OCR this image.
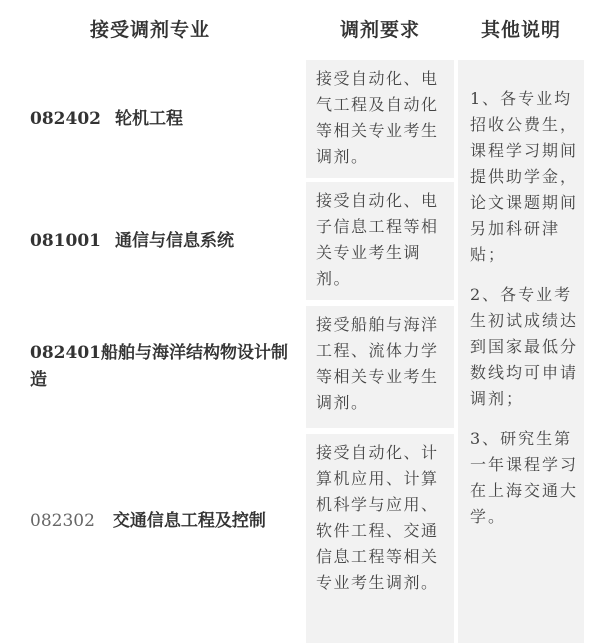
接受调剂专业	调剂要求	其他说明
082402 轮机工程
接受自动化、电气工程及自动化等相关专业考生调剂。
081001 通信与信息系统
接受自动化、电子信息工程等相关专业考生调剂。
082401船舶与海洋结构物设计制造
接受船舶与海洋工程、流体力学等相关专业考生调剂。
082302 交通信息工程及控制
接受自动化、计算机应用、计算机科学与应用、软件工程、交通信息工程等相关专业考生调剂。
1、各专业均招收公费生，课程学习期间提供助学金，论文课题期间另加科研津贴；
2、各专业考生初试成绩达到国家最低分数线均可申请调剂；
3、研究生第一年课程学习在上海交通大学。
